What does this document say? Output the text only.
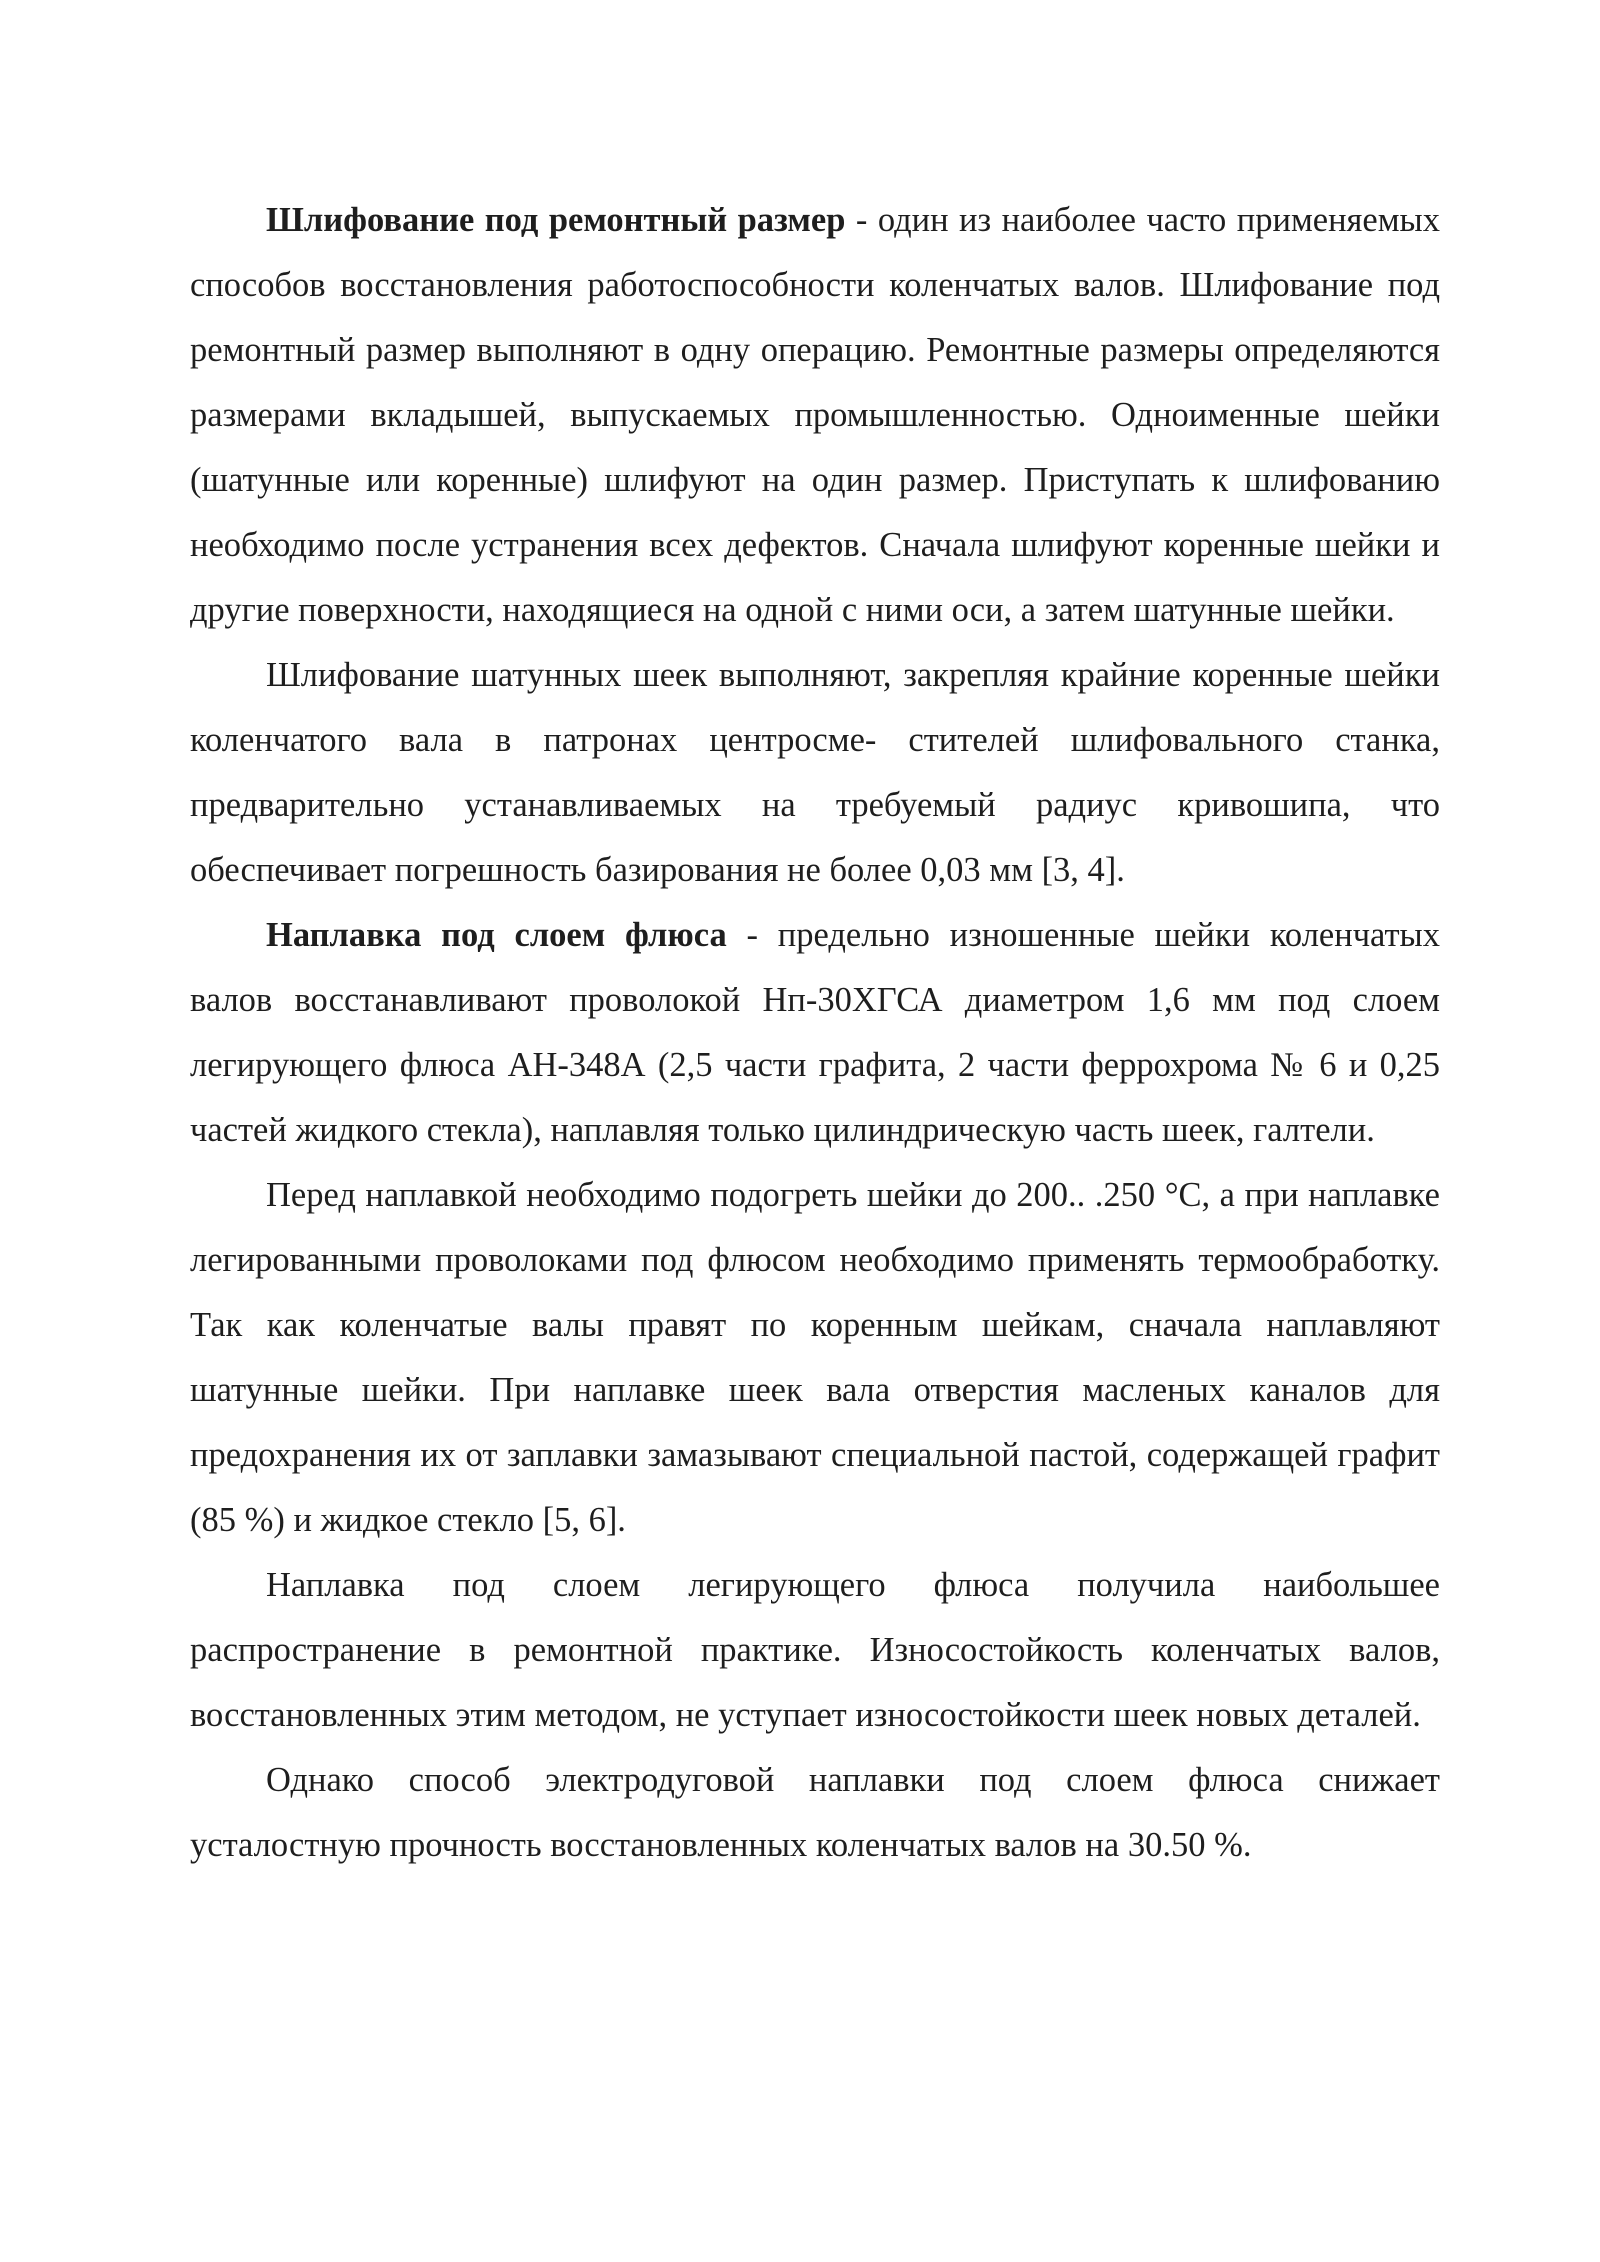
Шлифование под ремонтный размер - один из наиболее часто применяемых способов восстановления работоспособности коленчатых валов. Шлифование под ремонтный размер выполняют в одну операцию. Ремонтные размеры определяются размерами вкладышей, выпускаемых промышленностью. Одноименные шейки (шатунные или коренные) шлифуют на один размер. Приступать к шлифованию необходимо после устранения всех дефектов. Сначала шлифуют коренные шейки и другие поверхности, находящиеся на одной с ними оси, а затем шатунные шейки.

Шлифование шатунных шеек выполняют, закрепляя крайние коренные шейки коленчатого вала в патронах центросме- стителей шлифовального станка, предварительно устанавливаемых на требуемый радиус кривошипа, что обеспечивает погрешность базирования не более 0,03 мм [3, 4].

Наплавка под слоем флюса - предельно изношенные шейки коленчатых валов восстанавливают проволокой Нп-30ХГСА диаметром 1,6 мм под слоем легирующего флюса АН-348А (2,5 части графита, 2 части феррохрома № 6 и 0,25 частей жидкого стекла), наплавляя только цилиндрическую часть шеек, галтели.

Перед наплавкой необходимо подогреть шейки до 200.. .250 °С, а при наплавке легированными проволоками под флюсом необходимо применять термообработку. Так как коленчатые валы правят по коренным шейкам, сначала наплавляют шатунные шейки. При наплавке шеек вала отверстия масленых каналов для предохранения их от заплавки замазывают специальной пастой, содержащей графит (85 %) и жидкое стекло [5, 6].

Наплавка под слоем легирующего флюса получила наибольшее распространение в ремонтной практике. Износостойкость коленчатых валов, восстановленных этим методом, не уступает износостойкости шеек новых деталей.

Однако способ электродуговой наплавки под слоем флюса снижает усталостную прочность восстановленных коленчатых валов на 30.50 %.
